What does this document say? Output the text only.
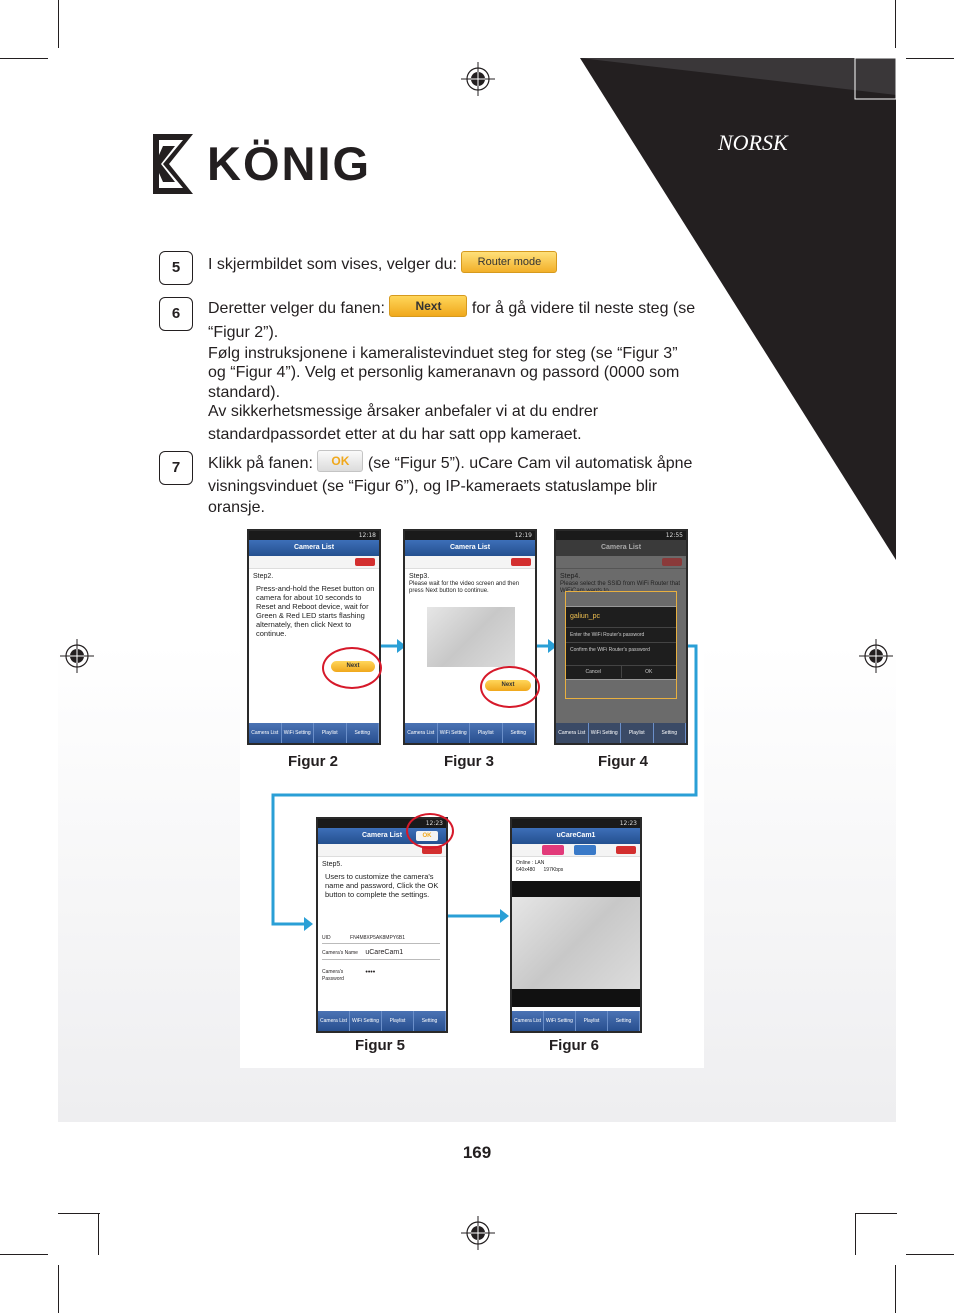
KÖNIG	NORSK
5	I skjermbildet som vises, velger du: Router mode
6	Deretter velger du fanen:	Next for å gå videre til neste steg (se
“Figur 2”).
Følg instruksjonene i kameralistevinduet steg for steg (se “Figur 3”
og “Figur 4”). Velg et personlig kameranavn og passord (0000 som
standard).
Av sikkerhetsmessige årsaker anbefaler vi at du endrer
standardpassordet etter at du har satt opp kameraet.
7	Klikk på fanen: OK (se “Figur 5”). uCare Cam vil automatisk åpne
visningsvinduet (se “Figur 6”), og IP-kameraets statuslampe blir
oransje.
12:18
Camera List
Step2.
Press-and-hold the Reset button on camera for about 10 seconds to Reset and Reboot device, wait for Green & Red LED starts flashing alternately, then click Next to continue.
Next
Camera List	WiFi Setting	Playlist	Setting
12:19
Camera List
Step3.
Please wait for the video screen and then press Next button to continue.
Next
Camera List	WiFi Setting	Playlist	Setting
12:55
Camera List
Step4.
Please select the SSID from WiFi Router that WiFiCam wants to
galiun_pc
Enter the WiFi Router's password
Confirm the WiFi Router's password
Cancel	OK
Camera List	WiFi Setting	Playlist	Setting
Figur 2	Figur 3	Figur 4
12:23
Camera List	OK
Step5.
Users to customize the camera's name and password, Click the OK button to complete the settings.
UID	FN4M8XP5AK8MPY6B1
Camera's Name uCareCam1
Camera's Password ••••
Camera List	WiFi Setting	Playlist	Setting
12:23
uCareCam1
Online : LAN
640x480 197Kbps
Camera List	WiFi Setting	Playlist	Setting
Figur 5	Figur 6
169
